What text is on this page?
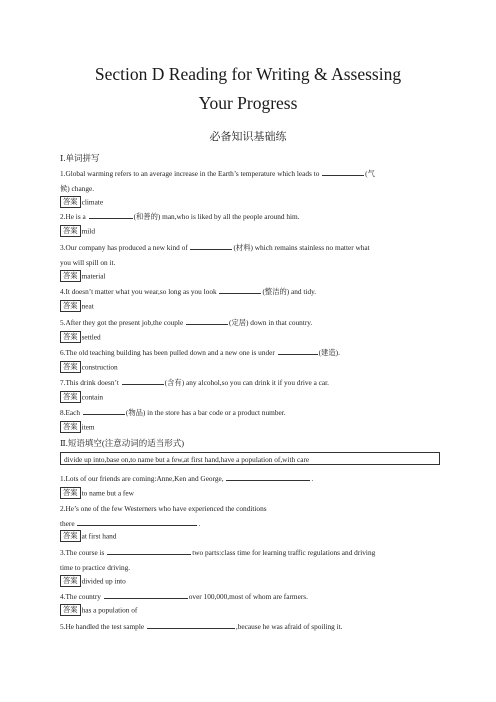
Section D Reading for Writing & Assessing
Your Progress
必备知识基础练
Ⅰ.单词拼写
1.Global warming refers to an average increase in the Earth’s temperature which leads to	(气
候) change.
答案 climate
2.He is a	(和善的) man,who is liked by all the people around him.
答案 mild
3.Our company has produced a new kind of	(材料) which remains stainless no matter what
you will spill on it.
答案 material
4.It doesn’t matter what you wear,so long as you look	(整洁的) and tidy.
答案 neat
5.After they got the present job,the couple	(定居) down in that country.
答案 settled
6.The old teaching building has been pulled down and a new one is under	(建造).
答案 construction
7.This drink doesn’t	(含有) any alcohol,so you can drink it if you drive a car.
答案 contain
8.Each	(物品) in the store has a bar code or a product number.
答案 item
Ⅱ.短语填空(注意动词的适当形式)
divide up into,base on,to name but a few,at first hand,have a population of,with care
1.Lots of our friends are coming:Anne,Ken and George,	.
答案 to name but a few
2.He’s one of the few Westerners who have experienced the conditions
there	.
答案 at first hand
3.The course is	two parts:class time for learning traffic regulations and driving
time to practice driving.
答案 divided up into
4.The country	over 100,000,most of whom are farmers.
答案 has a population of
5.He handled the test sample	,because he was afraid of spoiling it.
